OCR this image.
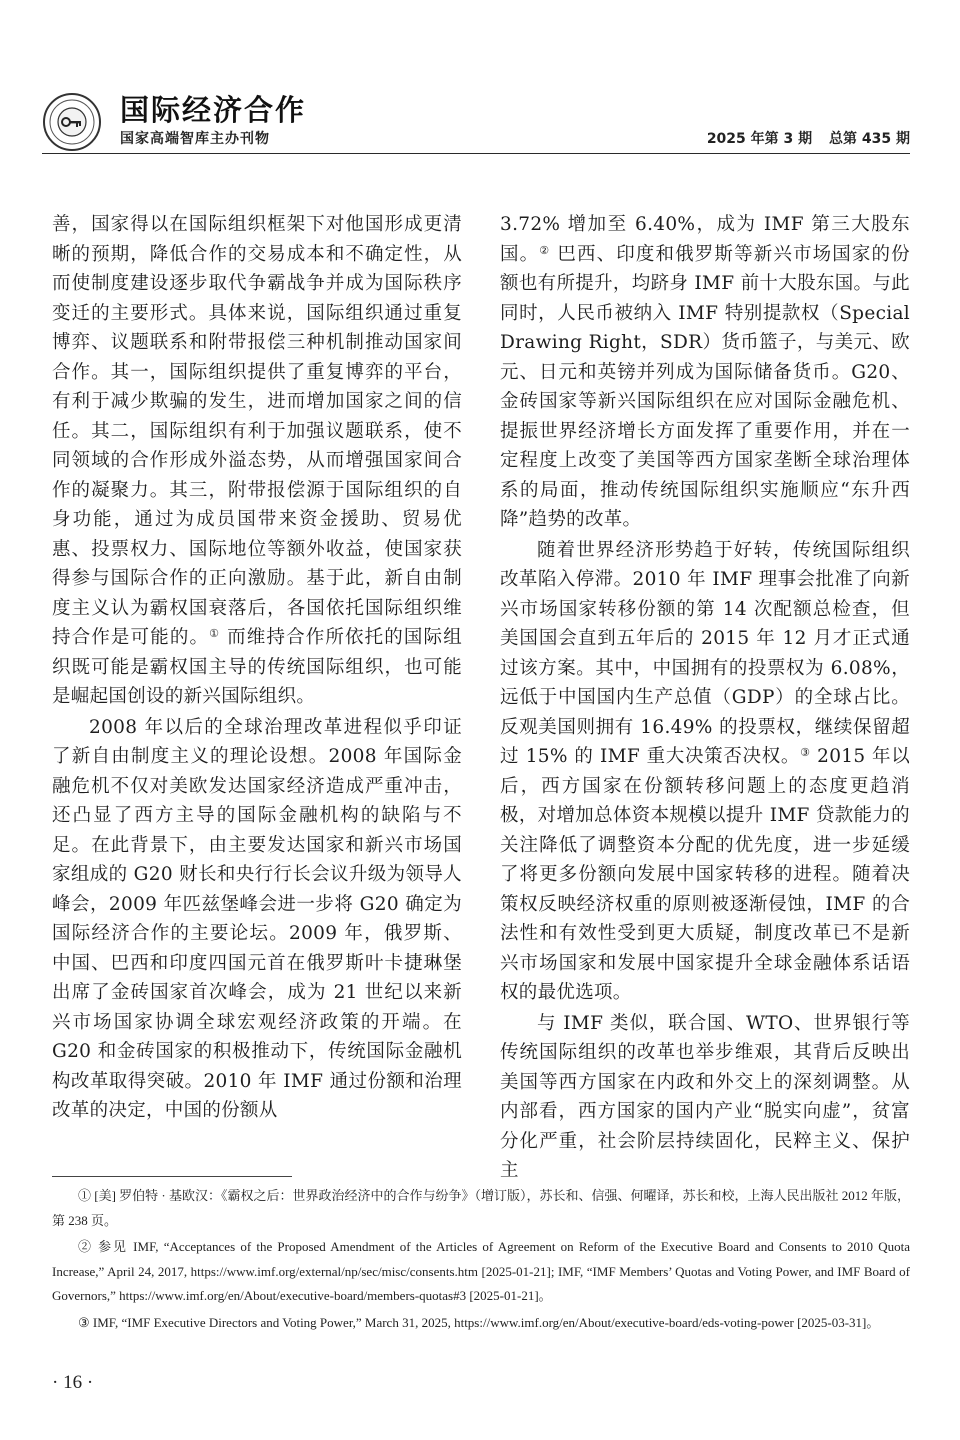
国际经济合作
国家高端智库主办刊物	2025 年第 3 期 总第 435 期

善，国家得以在国际组织框架下对他国形成更清晰的预期，降低合作的交易成本和不确定性，从而使制度建设逐步取代争霸战争并成为国际秩序变迁的主要形式。具体来说，国际组织通过重复博弈、议题联系和附带报偿三种机制推动国家间合作。其一，国际组织提供了重复博弈的平台，有利于减少欺骗的发生，进而增加国家之间的信任。其二，国际组织有利于加强议题联系，使不同领域的合作形成外溢态势，从而增强国家间合作的凝聚力。其三，附带报偿源于国际组织的自身功能，通过为成员国带来资金援助、贸易优惠、投票权力、国际地位等额外收益，使国家获得参与国际合作的正向激励。基于此，新自由制度主义认为霸权国衰落后，各国依托国际组织维持合作是可能的。① 而维持合作所依托的国际组织既可能是霸权国主导的传统国际组织，也可能是崛起国创设的新兴国际组织。

2008 年以后的全球治理改革进程似乎印证了新自由制度主义的理论设想。2008 年国际金融危机不仅对美欧发达国家经济造成严重冲击，还凸显了西方主导的国际金融机构的缺陷与不足。在此背景下，由主要发达国家和新兴市场国家组成的 G20 财长和央行行长会议升级为领导人峰会，2009 年匹兹堡峰会进一步将 G20 确定为国际经济合作的主要论坛。2009 年，俄罗斯、中国、巴西和印度四国元首在俄罗斯叶卡捷琳堡出席了金砖国家首次峰会，成为 21 世纪以来新兴市场国家协调全球宏观经济政策的开端。在 G20 和金砖国家的积极推动下，传统国际金融机构改革取得突破。2010 年 IMF 通过份额和治理改革的决定，中国的份额从

3.72% 增加至 6.40%，成为 IMF 第三大股东国。② 巴西、印度和俄罗斯等新兴市场国家的份额也有所提升，均跻身 IMF 前十大股东国。与此同时，人民币被纳入 IMF 特别提款权（Special Drawing Right，SDR）货币篮子，与美元、欧元、日元和英镑并列成为国际储备货币。G20、金砖国家等新兴国际组织在应对国际金融危机、提振世界经济增长方面发挥了重要作用，并在一定程度上改变了美国等西方国家垄断全球治理体系的局面，推动传统国际组织实施顺应“东升西降”趋势的改革。

随着世界经济形势趋于好转，传统国际组织改革陷入停滞。2010 年 IMF 理事会批准了向新兴市场国家转移份额的第 14 次配额总检查，但美国国会直到五年后的 2015 年 12 月才正式通过该方案。其中，中国拥有的投票权为 6.08%，远低于中国国内生产总值（GDP）的全球占比。反观美国则拥有 16.49% 的投票权，继续保留超过 15% 的 IMF 重大决策否决权。③ 2015 年以后，西方国家在份额转移问题上的态度更趋消极，对增加总体资本规模以提升 IMF 贷款能力的关注降低了调整资本分配的优先度，进一步延缓了将更多份额向发展中国家转移的进程。随着决策权反映经济权重的原则被逐渐侵蚀，IMF 的合法性和有效性受到更大质疑，制度改革已不是新兴市场国家和发展中国家提升全球金融体系话语权的最优选项。

与 IMF 类似，联合国、WTO、世界银行等传统国际组织的改革也举步维艰，其背后反映出美国等西方国家在内政和外交上的深刻调整。从内部看，西方国家的国内产业“脱实向虚”，贫富分化严重，社会阶层持续固化，民粹主义、保护主

① [美] 罗伯特 · 基欧汉：《霸权之后：世界政治经济中的合作与纷争》（增订版），苏长和、信强、何曜译，苏长和校，上海人民出版社 2012 年版，第 238 页。

② 参见 IMF, “Acceptances of the Proposed Amendment of the Articles of Agreement on Reform of the Executive Board and Consents to 2010 Quota Increase,” April 24, 2017, https://www.imf.org/external/np/sec/misc/consents.htm [2025-01-21]; IMF, “IMF Members’ Quotas and Voting Power, and IMF Board of Governors,” https://www.imf.org/en/About/executive-board/members-quotas#3 [2025-01-21]。

③ IMF, “IMF Executive Directors and Voting Power,” March 31, 2025, https://www.imf.org/en/About/executive-board/eds-voting-power [2025-03-31]。

· 16 ·
